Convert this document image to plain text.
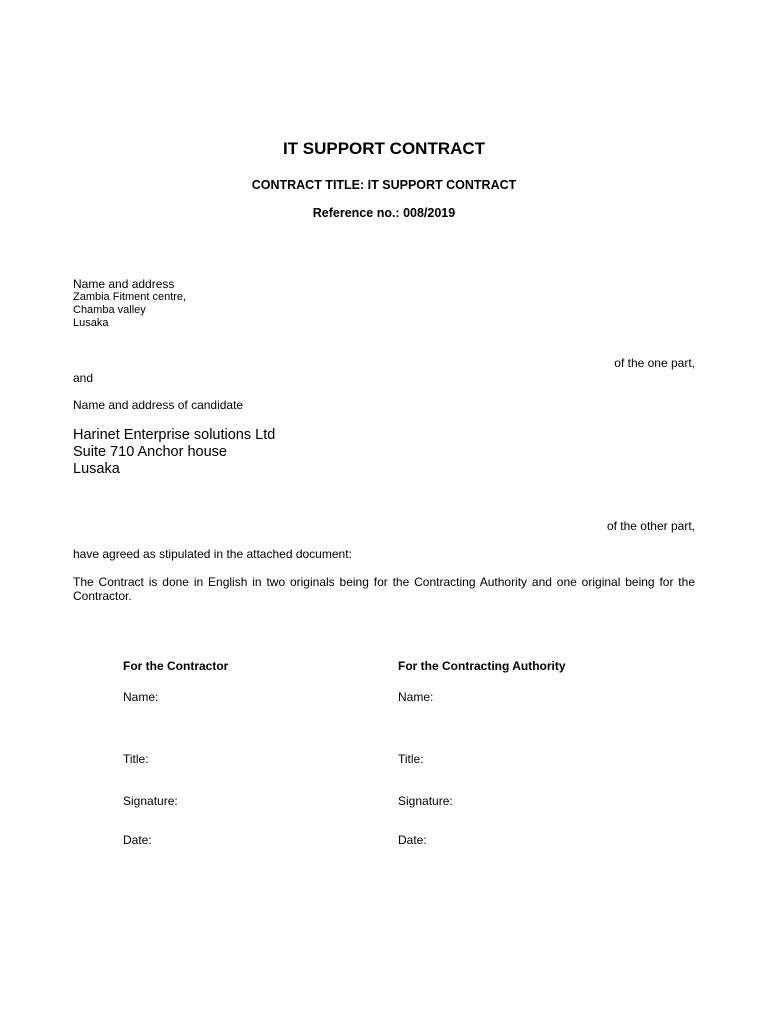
IT SUPPORT CONTRACT
CONTRACT TITLE: IT SUPPORT CONTRACT
Reference no.: 008/2019
Name and address
Zambia Fitment centre,
Chamba valley
Lusaka
of the one part,
and
Name and address of candidate
Harinet Enterprise solutions Ltd
Suite 710 Anchor house
Lusaka
of the other part,
have agreed as stipulated in the attached document:
The Contract is done in English in two originals being for the Contracting Authority and one original being for the Contractor.
For the Contractor
Name:
Title:
Signature:
Date:
For the Contracting Authority
Name:
Title:
Signature:
Date:
